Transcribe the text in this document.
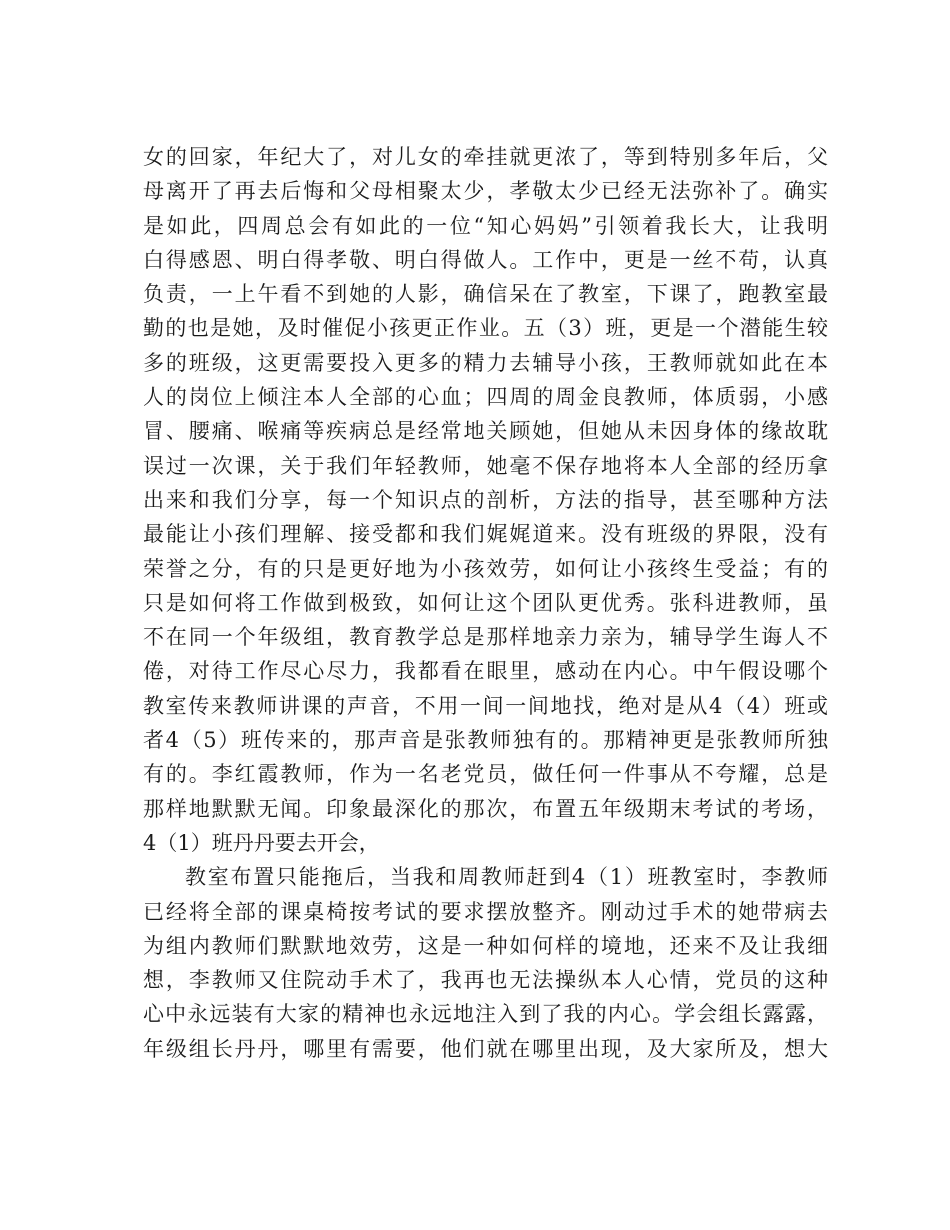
女的回家，年纪大了，对儿女的牵挂就更浓了，等到特别多年后，父
母离开了再去后悔和父母相聚太少，孝敬太少已经无法弥补了。确实
是如此，四周总会有如此的一位“知心妈妈”引领着我长大，让我明
白得感恩、明白得孝敬、明白得做人。工作中，更是一丝不苟，认真
负责，一上午看不到她的人影，确信呆在了教室，下课了，跑教室最
勤的也是她，及时催促小孩更正作业。五（3）班，更是一个潜能生较
多的班级，这更需要投入更多的精力去辅导小孩，王教师就如此在本
人的岗位上倾注本人全部的心血；四周的周金良教师，体质弱，小感
冒、腰痛、喉痛等疾病总是经常地关顾她，但她从未因身体的缘故耽
误过一次课，关于我们年轻教师，她毫不保存地将本人全部的经历拿
出来和我们分享，每一个知识点的剖析，方法的指导，甚至哪种方法
最能让小孩们理解、接受都和我们娓娓道来。没有班级的界限，没有
荣誉之分，有的只是更好地为小孩效劳，如何让小孩终生受益；有的
只是如何将工作做到极致，如何让这个团队更优秀。张科进教师，虽
不在同一个年级组，教育教学总是那样地亲力亲为，辅导学生诲人不
倦，对待工作尽心尽力，我都看在眼里，感动在内心。中午假设哪个
教室传来教师讲课的声音，不用一间一间地找，绝对是从4（4）班或
者4（5）班传来的，那声音是张教师独有的。那精神更是张教师所独
有的。李红霞教师，作为一名老党员，做任何一件事从不夸耀，总是
那样地默默无闻。印象最深化的那次，布置五年级期末考试的考场，
4（1）班丹丹要去开会，
教室布置只能拖后，当我和周教师赶到4（1）班教室时，李教师
已经将全部的课桌椅按考试的要求摆放整齐。刚动过手术的她带病去
为组内教师们默默地效劳，这是一种如何样的境地，还来不及让我细
想，李教师又住院动手术了，我再也无法操纵本人心情，党员的这种
心中永远装有大家的精神也永远地注入到了我的内心。学会组长露露，
年级组长丹丹，哪里有需要，他们就在哪里出现，及大家所及，想大
